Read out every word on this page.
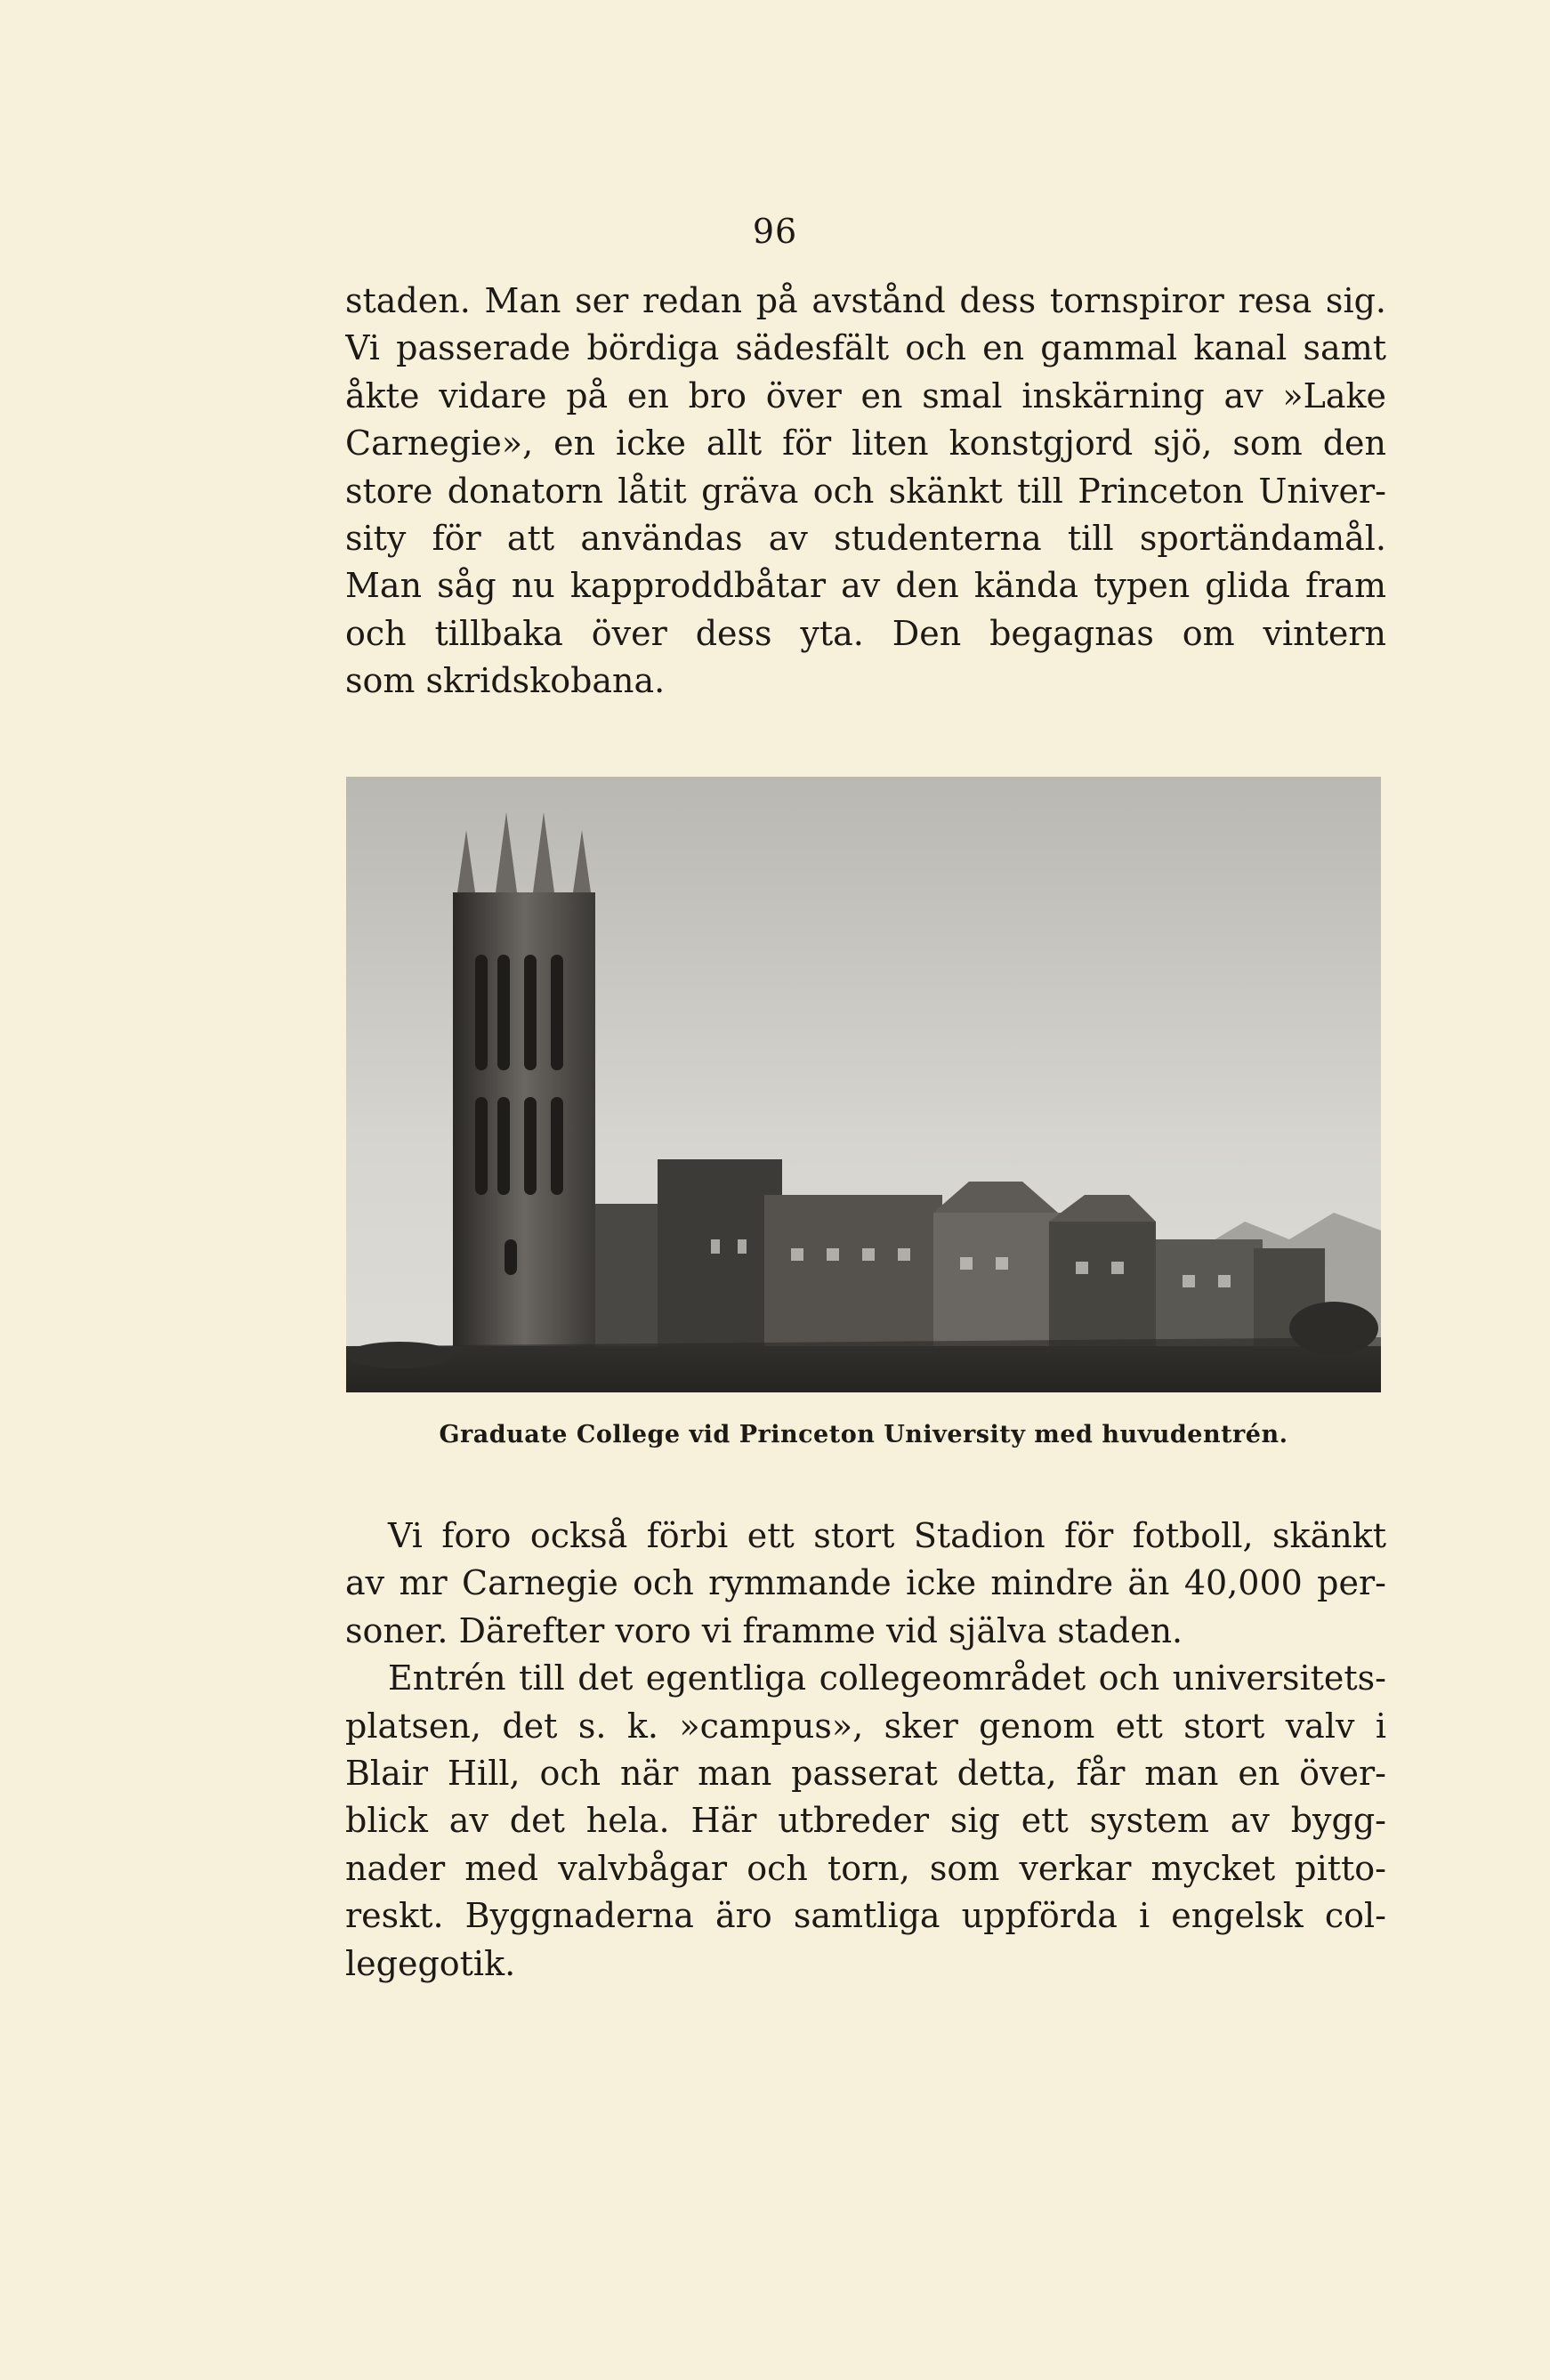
96
staden. Man ser redan på avstånd dess tornspiror resa sig.
Vi passerade bördiga sädesfält och en gammal kanal samt
åkte vidare på en bro över en smal inskärning av »Lake
Carnegie», en icke allt för liten konstgjord sjö, som den
store donatorn låtit gräva och skänkt till Princeton Univer-
sity för att användas av studenterna till sportändamål.
Man såg nu kapproddbåtar av den kända typen glida fram
och tillbaka över dess yta. Den begagnas om vintern
som skridskobana.
Graduate College vid Princeton University med huvudentrén.
Vi foro också förbi ett stort Stadion för fotboll, skänkt
av mr Carnegie och rymmande icke mindre än 40,000 per-
soner. Därefter voro vi framme vid själva staden.
Entrén till det egentliga collegeområdet och universitets-
platsen, det s. k. »campus», sker genom ett stort valv i
Blair Hill, och när man passerat detta, får man en över-
blick av det hela. Här utbreder sig ett system av bygg-
nader med valvbågar och torn, som verkar mycket pitto-
reskt. Byggnaderna äro samtliga uppförda i engelsk col-
legegotik.
